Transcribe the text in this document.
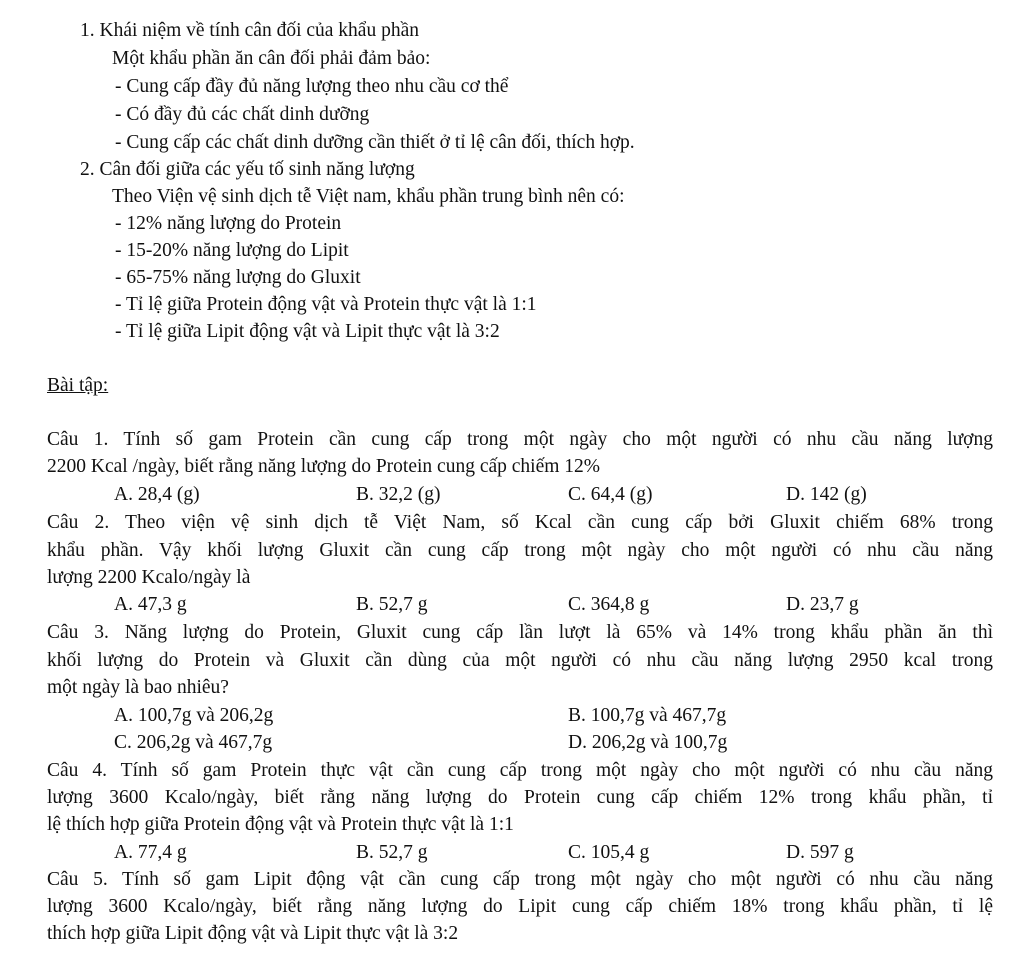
1. Khái niệm về tính cân đối của khẩu phần
Một khẩu phần ăn cân đối phải đảm bảo:
- Cung cấp đầy đủ năng lượng theo nhu cầu cơ thể
- Có đầy đủ các chất dinh dưỡng
- Cung cấp các chất dinh dưỡng cần thiết ở tỉ lệ cân đối, thích hợp.
2. Cân đối giữa các yếu tố sinh năng lượng
Theo Viện vệ sinh dịch tễ Việt nam, khẩu phần trung bình nên có:
- 12% năng lượng do Protein
- 15-20% năng lượng do Lipit
- 65-75% năng lượng do Gluxit
- Tỉ lệ giữa Protein động vật và Protein thực vật là 1:1
- Tỉ lệ giữa Lipit động vật và Lipit thực vật là 3:2
Bài tập:
Câu 1. Tính số gam Protein cần cung cấp trong một ngày cho một người có nhu cầu năng lượng
2200 Kcal /ngày, biết rằng năng lượng do Protein cung cấp chiếm 12%
A. 28,4 (g)	B. 32,2 (g)	C. 64,4 (g)	D. 142 (g)
Câu 2. Theo viện vệ sinh dịch tễ Việt Nam, số Kcal cần cung cấp bởi Gluxit chiếm 68% trong
khẩu phần. Vậy khối lượng Gluxit cần cung cấp trong một ngày cho một người có nhu cầu năng
lượng 2200 Kcalo/ngày là
A. 47,3 g	B. 52,7 g	C. 364,8 g	D. 23,7 g
Câu 3. Năng lượng do Protein, Gluxit cung cấp lần lượt là 65% và 14% trong khẩu phần ăn thì
khối lượng do Protein và Gluxit cần dùng của một người có nhu cầu năng lượng 2950 kcal trong
một ngày là bao nhiêu?
A. 100,7g và 206,2g	B. 100,7g và 467,7g
C. 206,2g và 467,7g	D. 206,2g và 100,7g
Câu 4. Tính số gam Protein thực vật cần cung cấp trong một ngày cho một người có nhu cầu năng
lượng 3600 Kcalo/ngày, biết rằng năng lượng do Protein cung cấp chiếm 12% trong khẩu phần, tỉ
lệ thích hợp giữa Protein động vật và Protein thực vật là 1:1
A. 77,4 g	B. 52,7 g	C. 105,4 g	D. 597 g
Câu 5. Tính số gam Lipit động vật cần cung cấp trong một ngày cho một người có nhu cầu năng
lượng 3600 Kcalo/ngày, biết rằng năng lượng do Lipit cung cấp chiếm 18% trong khẩu phần, tỉ lệ
thích hợp giữa Lipit động vật và Lipit thực vật là 3:2
